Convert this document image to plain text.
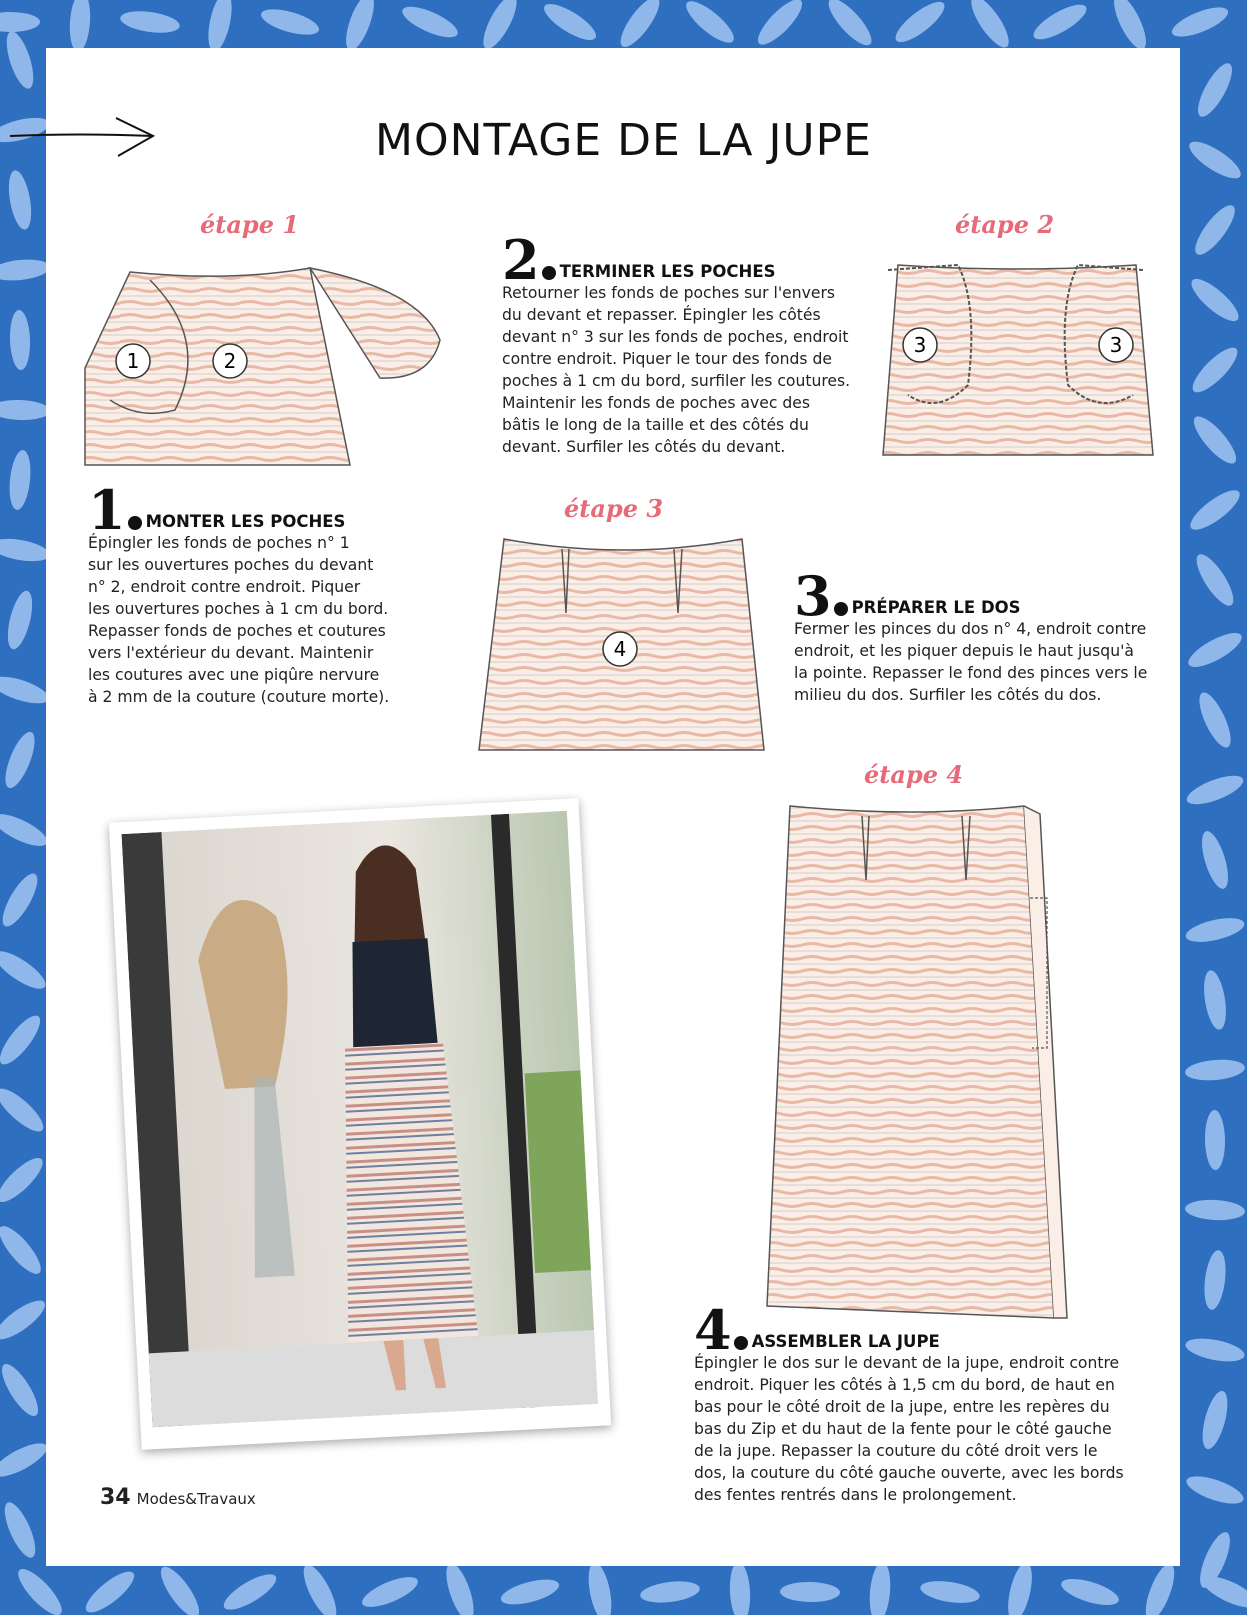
MONTAGE DE LA JUPE
étape 1	étape 2
étape 3
étape 4
1	2
3	3
4
1 MONTER LES POCHES

Épingler les fonds de poches n° 1

sur les ouvertures poches du devant

n° 2, endroit contre endroit. Piquer

les ouvertures poches à 1 cm du bord.

Repasser fonds de poches et coutures

vers l'extérieur du devant. Maintenir

les coutures avec une piqûre nervure

à 2 mm de la couture (couture morte).

2 TERMINER LES POCHES

Retourner les fonds de poches sur l'envers

du devant et repasser. Épingler les côtés

devant n° 3 sur les fonds de poches, endroit

contre endroit. Piquer le tour des fonds de

poches à 1 cm du bord, surfiler les coutures.

Maintenir les fonds de poches avec des

bâtis le long de la taille et des côtés du

devant. Surfiler les côtés du devant.

3 PRÉPARER LE DOS

Fermer les pinces du dos n° 4, endroit contre

endroit, et les piquer depuis le haut jusqu'à

la pointe. Repasser le fond des pinces vers le

milieu du dos. Surfiler les côtés du dos.

4 ASSEMBLER LA JUPE

Épingler le dos sur le devant de la jupe, endroit contre

endroit. Piquer les côtés à 1,5 cm du bord, de haut en

bas pour le côté droit de la jupe, entre les repères du

bas du Zip et du haut de la fente pour le côté gauche

de la jupe. Repasser la couture du côté droit vers le

dos, la couture du côté gauche ouverte, avec les bords

des fentes rentrés dans le prolongement.

34 Modes&Travaux
